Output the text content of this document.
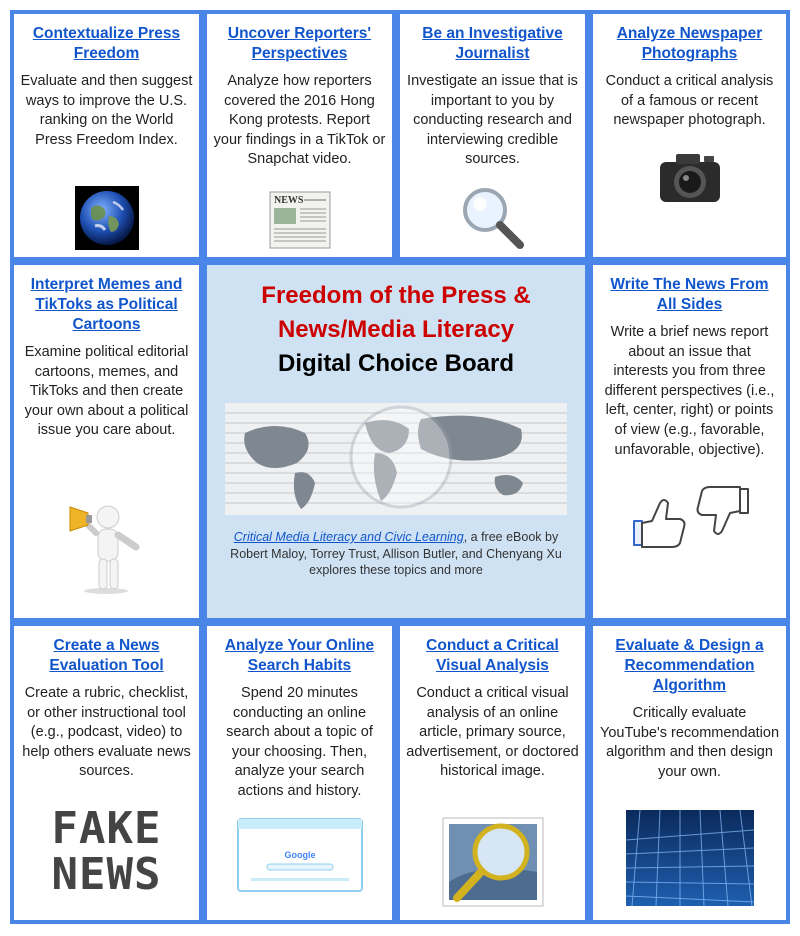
Contextualize Press Freedom

Evaluate and then suggest ways to improve the U.S. ranking on the World Press Freedom Index.

Uncover Reporters' Perspectives

Analyze how reporters covered the 2016 Hong Kong protests. Report your findings in a TikTok or Snapchat video.

NEWS
Be an Investigative Journalist

Investigate an issue that is important to you by conducting research and interviewing credible sources.

Analyze Newspaper Photographs

Conduct a critical analysis of a famous or recent newspaper photograph.

Interpret Memes and TikToks as Political Cartoons

Examine political editorial cartoons, memes, and TikToks and then create your own about a political issue you care about.

Freedom of the Press &
News/Media Literacy
Digital Choice Board
Critical Media Literacy and Civic Learning, a free eBook by Robert Maloy, Torrey Trust, Allison Butler, and Chenyang Xu explores these topics and more
Write The News From All Sides

Write a brief news report about an issue that interests you from three different perspectives (i.e., left, center, right) or points of view (e.g., favorable, unfavorable, objective).

Create a News Evaluation Tool

Create a rubric, checklist, or other instructional tool (e.g., podcast, video) to help others evaluate news sources.

FAKE
NEWS
Analyze Your Online Search Habits

Spend 20 minutes conducting an online search about a topic of your choosing. Then, analyze your search actions and history.

Google
Conduct a Critical Visual Analysis

Conduct a critical visual analysis of an online article, primary source, advertisement, or doctored historical image.

Evaluate & Design a Recommendation Algorithm

Critically evaluate YouTube's recommendation algorithm and then design your own.
